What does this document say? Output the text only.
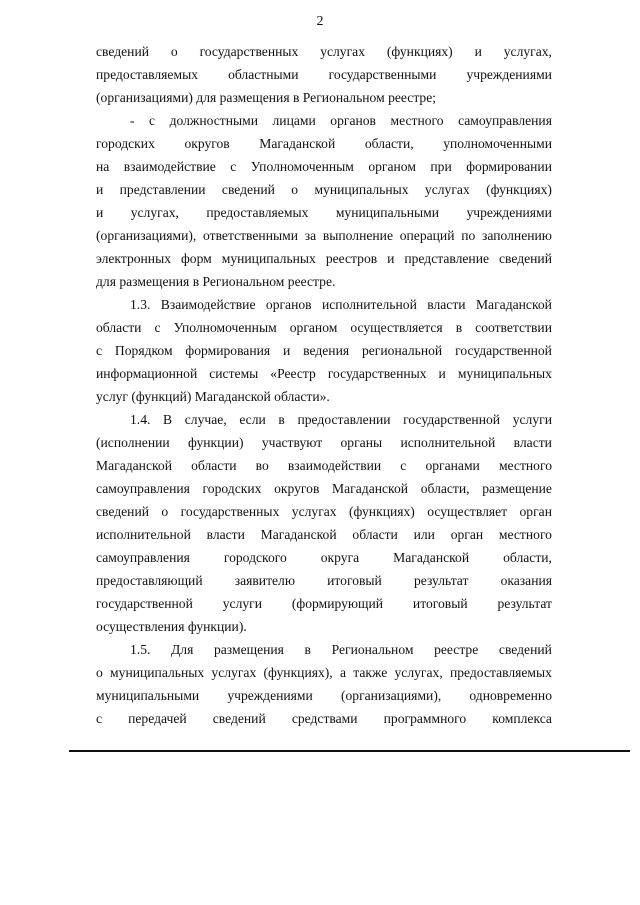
2
сведений о государственных услугах (функциях) и услугах,
предоставляемых областными государственными учреждениями
(организациями) для размещения в Региональном реестре;
- с должностными лицами органов местного самоуправления
городских округов Магаданской области, уполномоченными
на взаимодействие с Уполномоченным органом при формировании
и представлении сведений о муниципальных услугах (функциях)
и услугах, предоставляемых муниципальными учреждениями
(организациями), ответственными за выполнение операций по заполнению
электронных форм муниципальных реестров и представление сведений
для размещения в Региональном реестре.
1.3. Взаимодействие органов исполнительной власти Магаданской
области с Уполномоченным органом осуществляется в соответствии
с Порядком формирования и ведения региональной государственной
информационной системы «Реестр государственных и муниципальных
услуг (функций) Магаданской области».
1.4. В случае, если в предоставлении государственной услуги
(исполнении функции) участвуют органы исполнительной власти
Магаданской области во взаимодействии с органами местного
самоуправления городских округов Магаданской области, размещение
сведений о государственных услугах (функциях) осуществляет орган
исполнительной власти Магаданской области или орган местного
самоуправления городского округа Магаданской области,
предоставляющий заявителю итоговый результат оказания
государственной услуги (формирующий итоговый результат
осуществления функции).
1.5. Для размещения в Региональном реестре сведений
о муниципальных услугах (функциях), а также услугах, предоставляемых
муниципальными учреждениями (организациями), одновременно
с передачей сведений средствами программного комплекса
